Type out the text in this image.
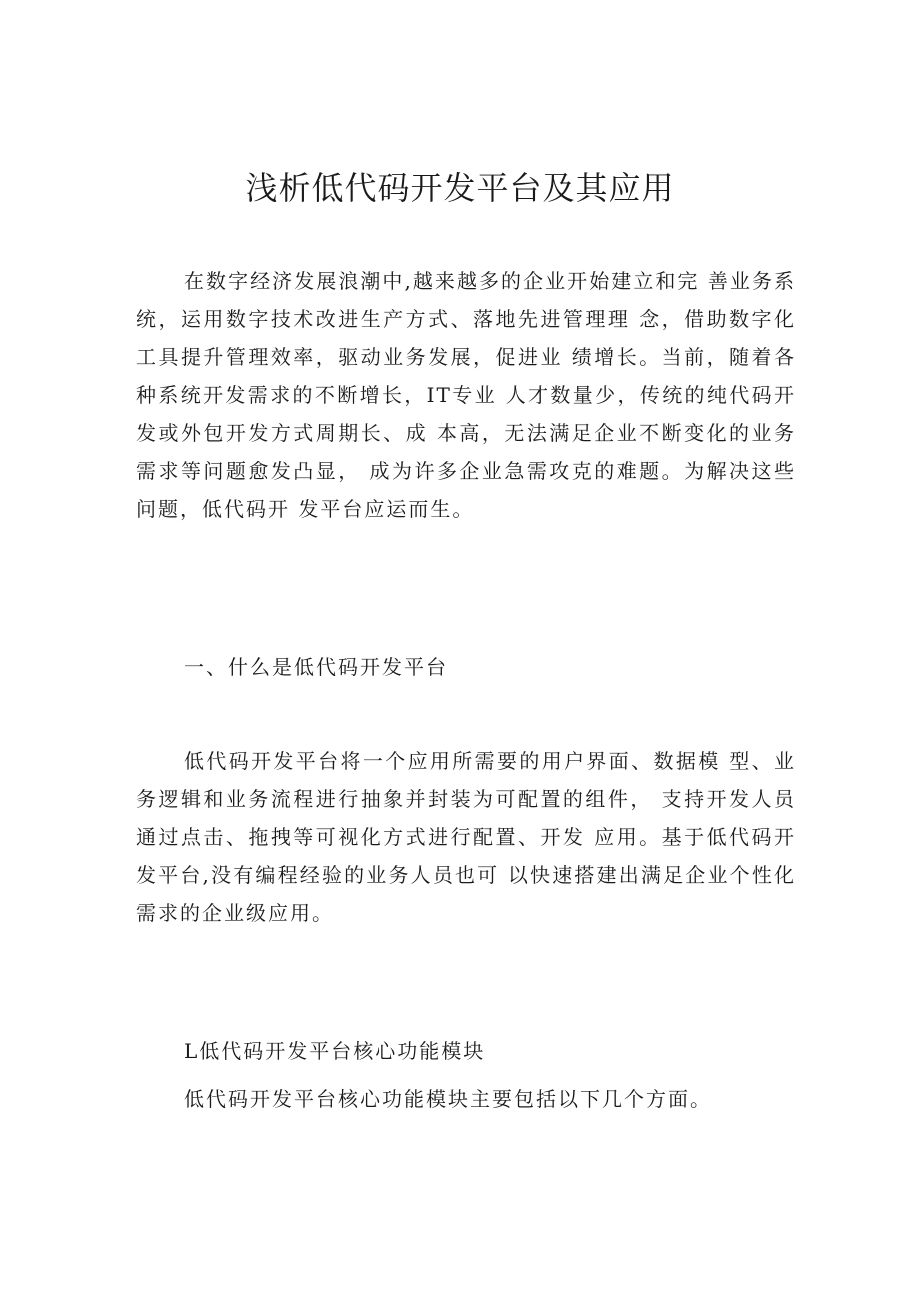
浅析低代码开发平台及其应用

在数字经济发展浪潮中,越来越多的企业开始建立和完 善业务系统，运用数字技术改进生产方式、落地先进管理理 念，借助数字化工具提升管理效率，驱动业务发展，促进业 绩增长。当前，随着各种系统开发需求的不断增长，IT专业 人才数量少，传统的纯代码开发或外包开发方式周期长、成 本高，无法满足企业不断变化的业务需求等问题愈发凸显， 成为许多企业急需攻克的难题。为解决这些问题，低代码开 发平台应运而生。

一、什么是低代码开发平台

低代码开发平台将一个应用所需要的用户界面、数据模 型、业务逻辑和业务流程进行抽象并封装为可配置的组件， 支持开发人员通过点击、拖拽等可视化方式进行配置、开发 应用。基于低代码开发平台,没有编程经验的业务人员也可 以快速搭建出满足企业个性化需求的企业级应用。

L低代码开发平台核心功能模块

低代码开发平台核心功能模块主要包括以下几个方面。
